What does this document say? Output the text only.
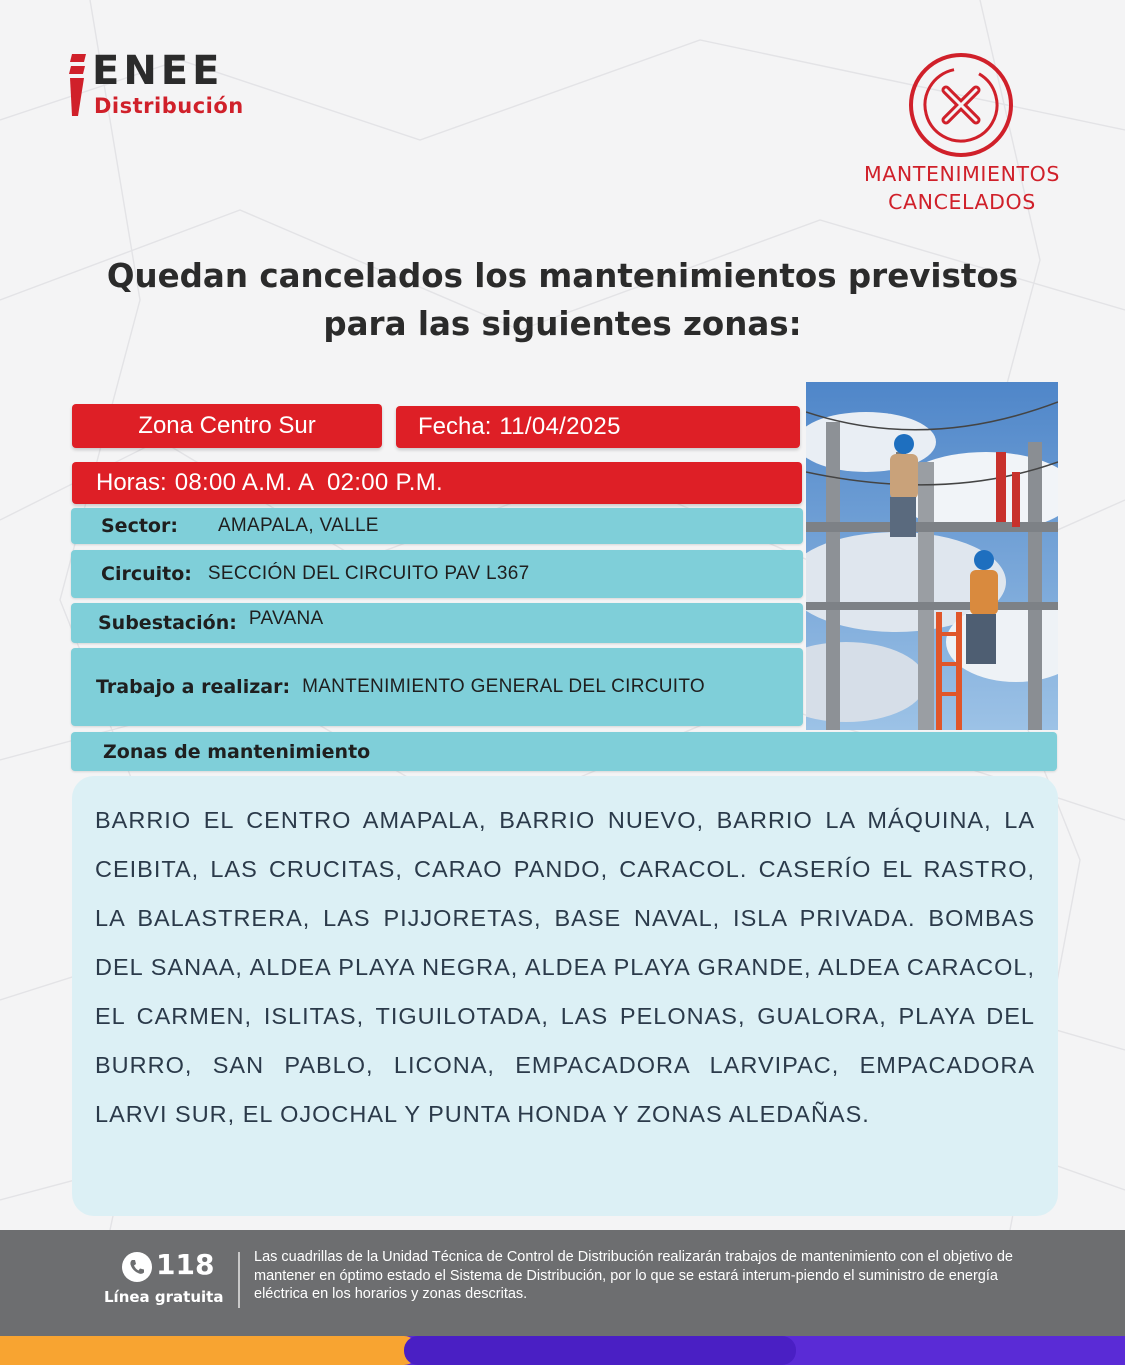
ENEE
Distribución
MANTENIMIENTOS
CANCELADOS
Quedan cancelados los mantenimientos previstos
para las siguientes zonas:
Zona Centro Sur	Fecha: 11/04/2025
Horas: 08:00 A.M. A  02:00 P.M.
Sector: AMAPALA, VALLE
Circuito: SECCIÓN DEL CIRCUITO PAV L367
Subestación: PAVANA
Trabajo a realizar: MANTENIMIENTO GENERAL DEL CIRCUITO
Zonas de mantenimiento
BARRIO EL CENTRO AMAPALA, BARRIO NUEVO, BARRIO LA MÁQUINA, LA CEIBITA, LAS CRUCITAS, CARAO PANDO, CARACOL. CASERÍO EL RASTRO, LA BALASTRERA, LAS PIJJORETAS, BASE NAVAL, ISLA PRIVADA. BOMBAS DEL SANAA, ALDEA PLAYA NEGRA, ALDEA PLAYA GRANDE, ALDEA CARACOL, EL CARMEN, ISLITAS, TIGUILOTADA, LAS PELONAS, GUALORA, PLAYA DEL BURRO, SAN PABLO, LICONA, EMPACADORA LARVIPAC, EMPACADORA LARVI SUR, EL OJOCHAL Y PUNTA HONDA Y ZONAS ALEDAÑAS.
118
Línea gratuita
Las cuadrillas de la Unidad Técnica de Control de Distribución realizarán trabajos de mantenimiento con el objetivo de mantener en óptimo estado el Sistema de Distribución, por lo que se estará interum-piendo el suministro de energía eléctrica en los horarios y zonas descritas.
